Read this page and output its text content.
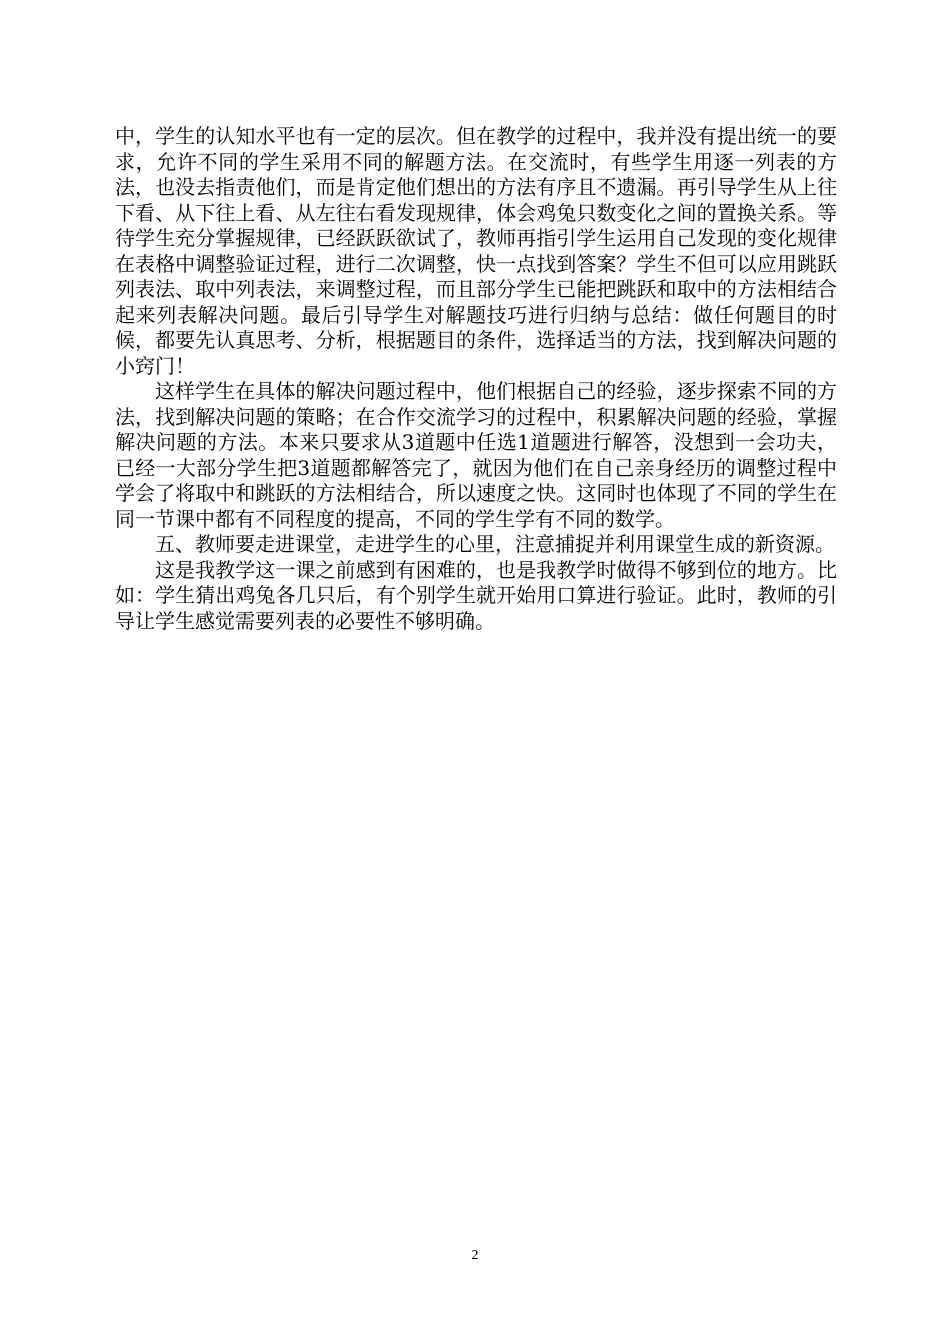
中，学生的认知水平也有一定的层次。但在教学的过程中，我并没有提出统一的要求，允许不同的学生采用不同的解题方法。在交流时，有些学生用逐一列表的方法，也没去指责他们，而是肯定他们想出的方法有序且不遗漏。再引导学生从上往下看、从下往上看、从左往右看发现规律，体会鸡兔只数变化之间的置换关系。等待学生充分掌握规律，已经跃跃欲试了，教师再指引学生运用自己发现的变化规律在表格中调整验证过程，进行二次调整，快一点找到答案？学生不但可以应用跳跃列表法、取中列表法，来调整过程，而且部分学生已能把跳跃和取中的方法相结合起来列表解决问题。最后引导学生对解题技巧进行归纳与总结：做任何题目的时候，都要先认真思考、分析，根据题目的条件，选择适当的方法，找到解决问题的小窍门！

这样学生在具体的解决问题过程中，他们根据自己的经验，逐步探索不同的方法，找到解决问题的策略；在合作交流学习的过程中，积累解决问题的经验，掌握解决问题的方法。本来只要求从3道题中任选1道题进行解答，没想到一会功夫，已经一大部分学生把3道题都解答完了，就因为他们在自己亲身经历的调整过程中学会了将取中和跳跃的方法相结合，所以速度之快。这同时也体现了不同的学生在同一节课中都有不同程度的提高，不同的学生学有不同的数学。

五、教师要走进课堂，走进学生的心里，注意捕捉并利用课堂生成的新资源。

这是我教学这一课之前感到有困难的，也是我教学时做得不够到位的地方。比如：学生猜出鸡兔各几只后，有个别学生就开始用口算进行验证。此时，教师的引导让学生感觉需要列表的必要性不够明确。

2
